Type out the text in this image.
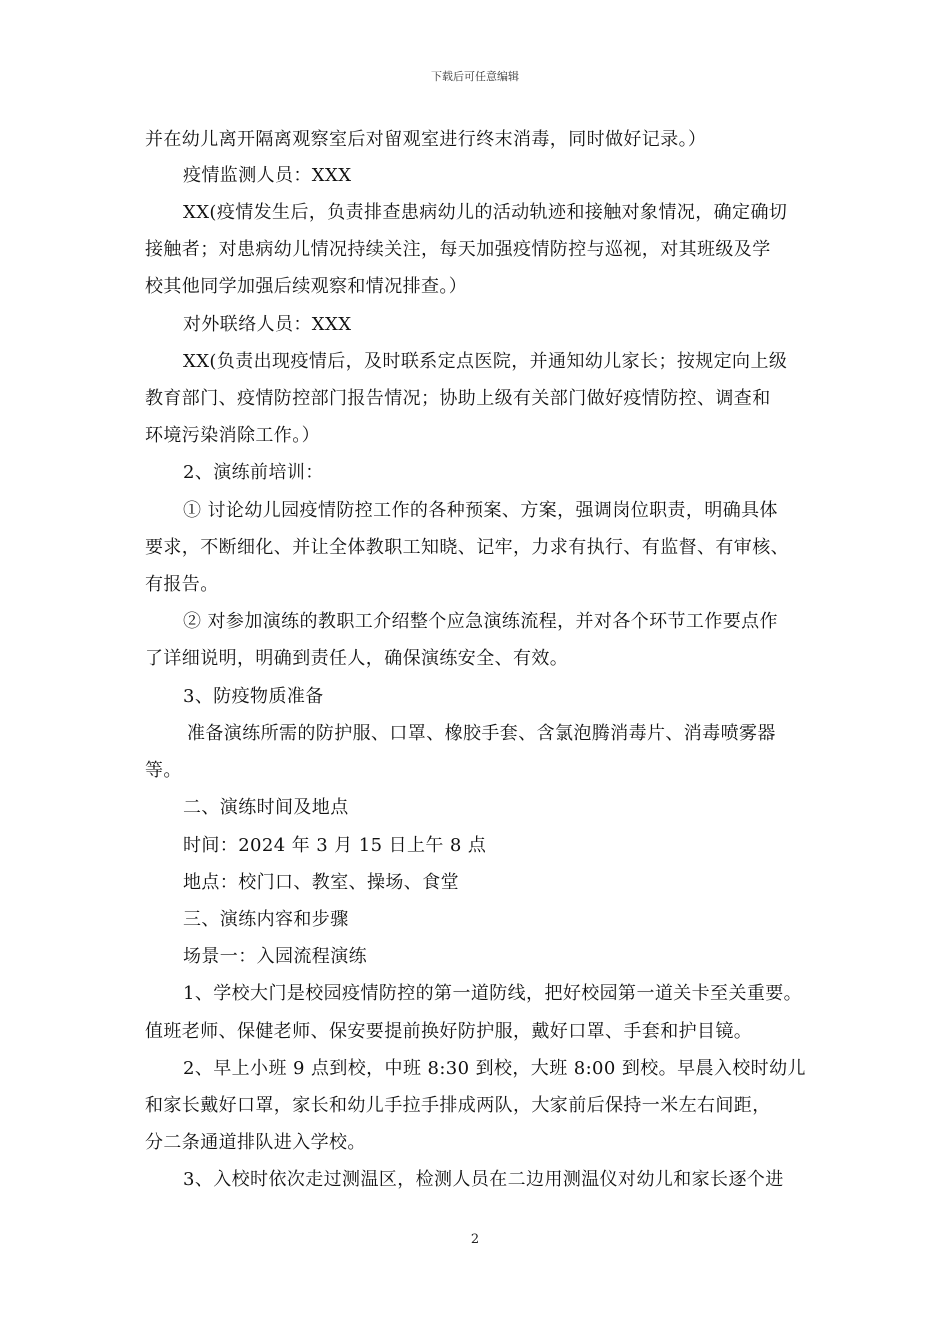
下载后可任意编辑
并在幼儿离开隔离观察室后对留观室进行终末消毒，同时做好记录。）
疫情监测人员：XXX
XX(疫情发生后，负责排查患病幼儿的活动轨迹和接触对象情况，确定确切
接触者；对患病幼儿情况持续关注，每天加强疫情防控与巡视，对其班级及学
校其他同学加强后续观察和情况排查。）
对外联络人员：XXX
XX(负责出现疫情后，及时联系定点医院，并通知幼儿家长；按规定向上级
教育部门、疫情防控部门报告情况；协助上级有关部门做好疫情防控、调查和
环境污染消除工作。）
2、演练前培训：
① 讨论幼儿园疫情防控工作的各种预案、方案，强调岗位职责，明确具体
要求，不断细化、并让全体教职工知晓、记牢，力求有执行、有监督、有审核、
有报告。
② 对参加演练的教职工介绍整个应急演练流程，并对各个环节工作要点作
了详细说明，明确到责任人，确保演练安全、有效。
3、防疫物质准备
准备演练所需的防护服、口罩、橡胶手套、含氯泡腾消毒片、消毒喷雾器
等。
二、演练时间及地点
时间：2024 年 3 月 15 日上午 8 点
地点：校门口、教室、操场、食堂
三、演练内容和步骤
场景一：入园流程演练
1、学校大门是校园疫情防控的第一道防线，把好校园第一道关卡至关重要。
值班老师、保健老师、保安要提前换好防护服，戴好口罩、手套和护目镜。
2、早上小班 9 点到校，中班 8:30 到校，大班 8:00 到校。早晨入校时幼儿
和家长戴好口罩，家长和幼儿手拉手排成两队，大家前后保持一米左右间距，
分二条通道排队进入学校。
3、入校时依次走过测温区，检测人员在二边用测温仪对幼儿和家长逐个进
2
